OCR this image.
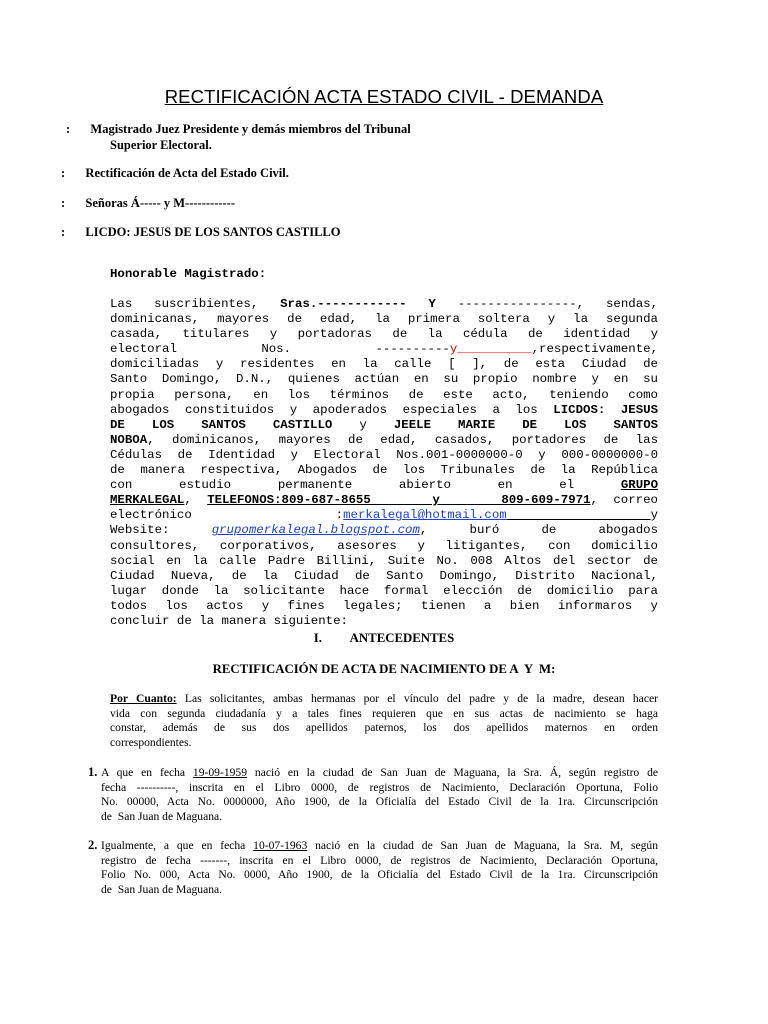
RECTIFICACIÓN ACTA ESTADO CIVIL - DEMANDA
: Magistrado Juez Presidente y demás miembros del Tribunal
Superior Electoral.
: Rectificación de Acta del Estado Civil.
: Señoras Á----- y M------------
: LICDO: JESUS DE LOS SANTOS CASTILLO
Honorable Magistrado:
Las suscribientes, Sras.------------ Y ----------------, sendas,
dominicanas, mayores de edad, la primera soltera y la segunda
casada, titulares y portadoras de la cédula de identidad y
electoral	Nos.	----------y__________,respectivamente,
domiciliadas y residentes en la calle [ ], de esta Ciudad de
Santo Domingo, D.N., quienes actúan en su propio nombre y en su
propia persona, en los términos de este acto, teniendo como
abogados constituidos y apoderados especiales a los LICDOS: JESUS
DE LOS SANTOS CASTILLO y JEELE MARIE DE LOS SANTOS
NOBOA, dominicanos, mayores de edad, casados, portadores de las
Cédulas de Identidad y Electoral Nos.001-0000000-0 y 000-0000000-0
de manera respectiva, Abogados de los Tribunales de la República
con	estudio	permanente	abierto	en	el	GRUPO
MERKALEGAL, TELEFONOS:809-687-8655    y    809-609-7971, correo
electrónico	:merkalegal@hotmail.com	y
Website:	grupomerkalegal.blogspot.com, buró	de	abogados
consultores, corporativos, asesores y litigantes, con domicilio
social en la calle Padre Billini, Suite No. 008 Altos del sector de
Ciudad Nueva, de la Ciudad de Santo Domingo, Distrito Nacional,
lugar donde la solicitante hace formal elección de domicilio para
todos los actos y fines legales; tienen a bien informaros y
concluir de la manera siguiente:
I. ANTECEDENTES
RECTIFICACIÓN DE ACTA DE NACIMIENTO DE A  Y  M:
Por Cuanto: Las solicitantes, ambas hermanas por el vínculo del padre y de la madre, desean hacer
vida con segunda ciudadanía y a tales fines requieren que en sus actas de nacimiento se haga
constar, además de sus dos apellidos paternos, los dos apellidos maternos en orden
correspondientes.
1. A que en fecha 19-09-1959 nació en la ciudad de San Juan de Maguana, la Sra. Á, según registro de
fecha ----------, inscrita en el Libro 0000, de registros de Nacimiento, Declaración Oportuna, Folio
No. 00000, Acta No. 0000000, Año 1900, de la Oficialía del Estado Civil de la 1ra. Circunscripción
de  San Juan de Maguana.
2. Igualmente, a que en fecha 10-07-1963 nació en la ciudad de San Juan de Maguana, la Sra. M, según
registro de fecha -------, inscrita en el Libro 0000, de registros de Nacimiento, Declaración Oportuna,
Folio No. 000, Acta No. 0000, Año 1900, de la Oficialía del Estado Civil de la 1ra. Circunscripción
de  San Juan de Maguana.
